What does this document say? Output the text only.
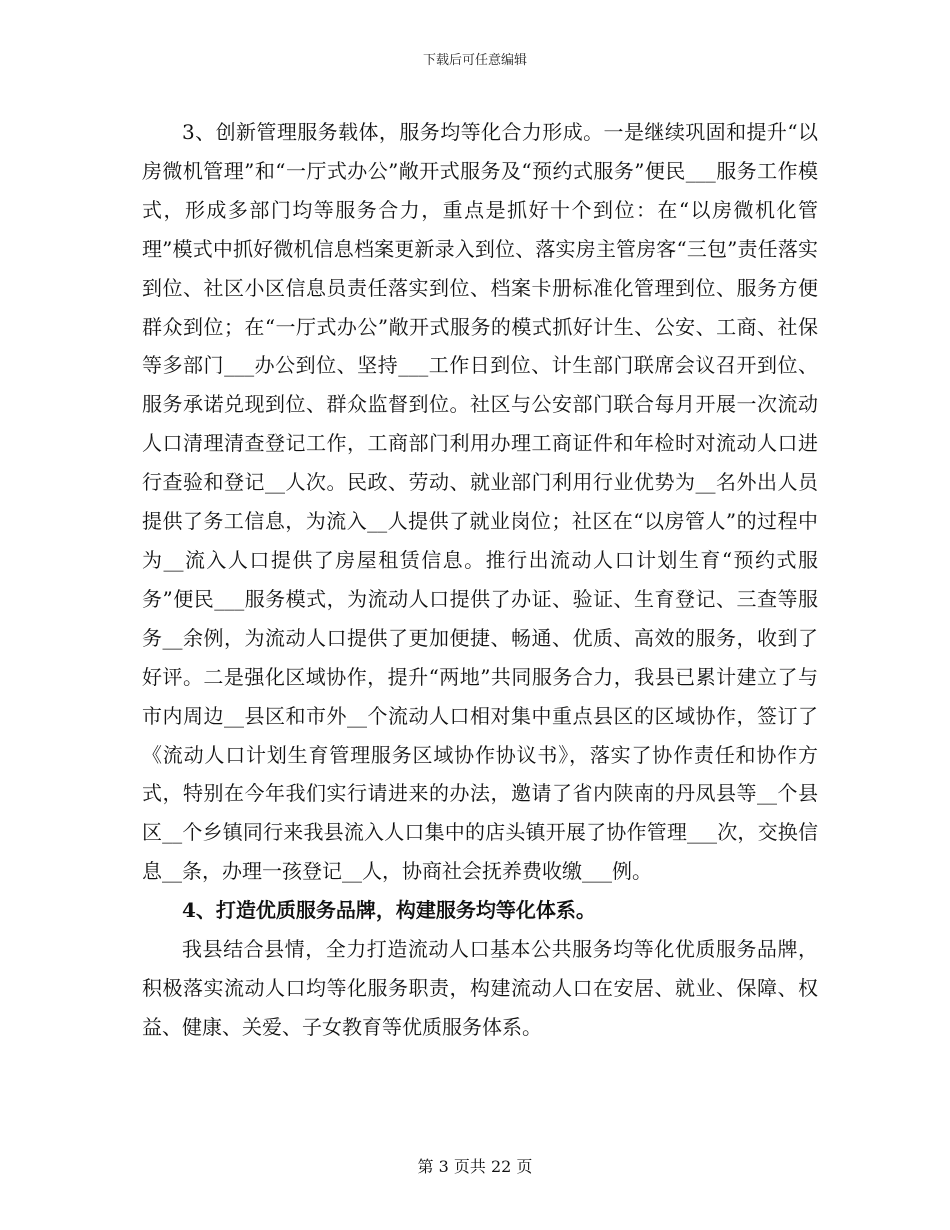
下载后可任意编辑

3、创新管理服务载体，服务均等化合力形成。一是继续巩固和提升“以房微机管理”和“一厅式办公”敞开式服务及“预约式服务”便民___服务工作模式，形成多部门均等服务合力，重点是抓好十个到位：在“以房微机化管理”模式中抓好微机信息档案更新录入到位、落实房主管房客“三包”责任落实到位、社区小区信息员责任落实到位、档案卡册标准化管理到位、服务方便群众到位；在“一厅式办公”敞开式服务的模式抓好计生、公安、工商、社保等多部门___办公到位、坚持___工作日到位、计生部门联席会议召开到位、服务承诺兑现到位、群众监督到位。社区与公安部门联合每月开展一次流动人口清理清查登记工作，工商部门利用办理工商证件和年检时对流动人口进行查验和登记__人次。民政、劳动、就业部门利用行业优势为__名外出人员提供了务工信息，为流入__人提供了就业岗位；社区在“以房管人”的过程中为__流入人口提供了房屋租赁信息。推行出流动人口计划生育“预约式服务”便民___服务模式，为流动人口提供了办证、验证、生育登记、三查等服务__余例，为流动人口提供了更加便捷、畅通、优质、高效的服务，收到了好评。二是强化区域协作，提升“两地”共同服务合力，我县已累计建立了与市内周边__县区和市外__个流动人口相对集中重点县区的区域协作，签订了《流动人口计划生育管理服务区域协作协议书》，落实了协作责任和协作方式，特别在今年我们实行请进来的办法，邀请了省内陕南的丹凤县等__个县区__个乡镇同行来我县流入人口集中的店头镇开展了协作管理___次，交换信息__条，办理一孩登记__人，协商社会抚养费收缴___例。

4、打造优质服务品牌，构建服务均等化体系。

我县结合县情，全力打造流动人口基本公共服务均等化优质服务品牌，积极落实流动人口均等化服务职责，构建流动人口在安居、就业、保障、权益、健康、关爱、子女教育等优质服务体系。

第 3 页共 22 页
